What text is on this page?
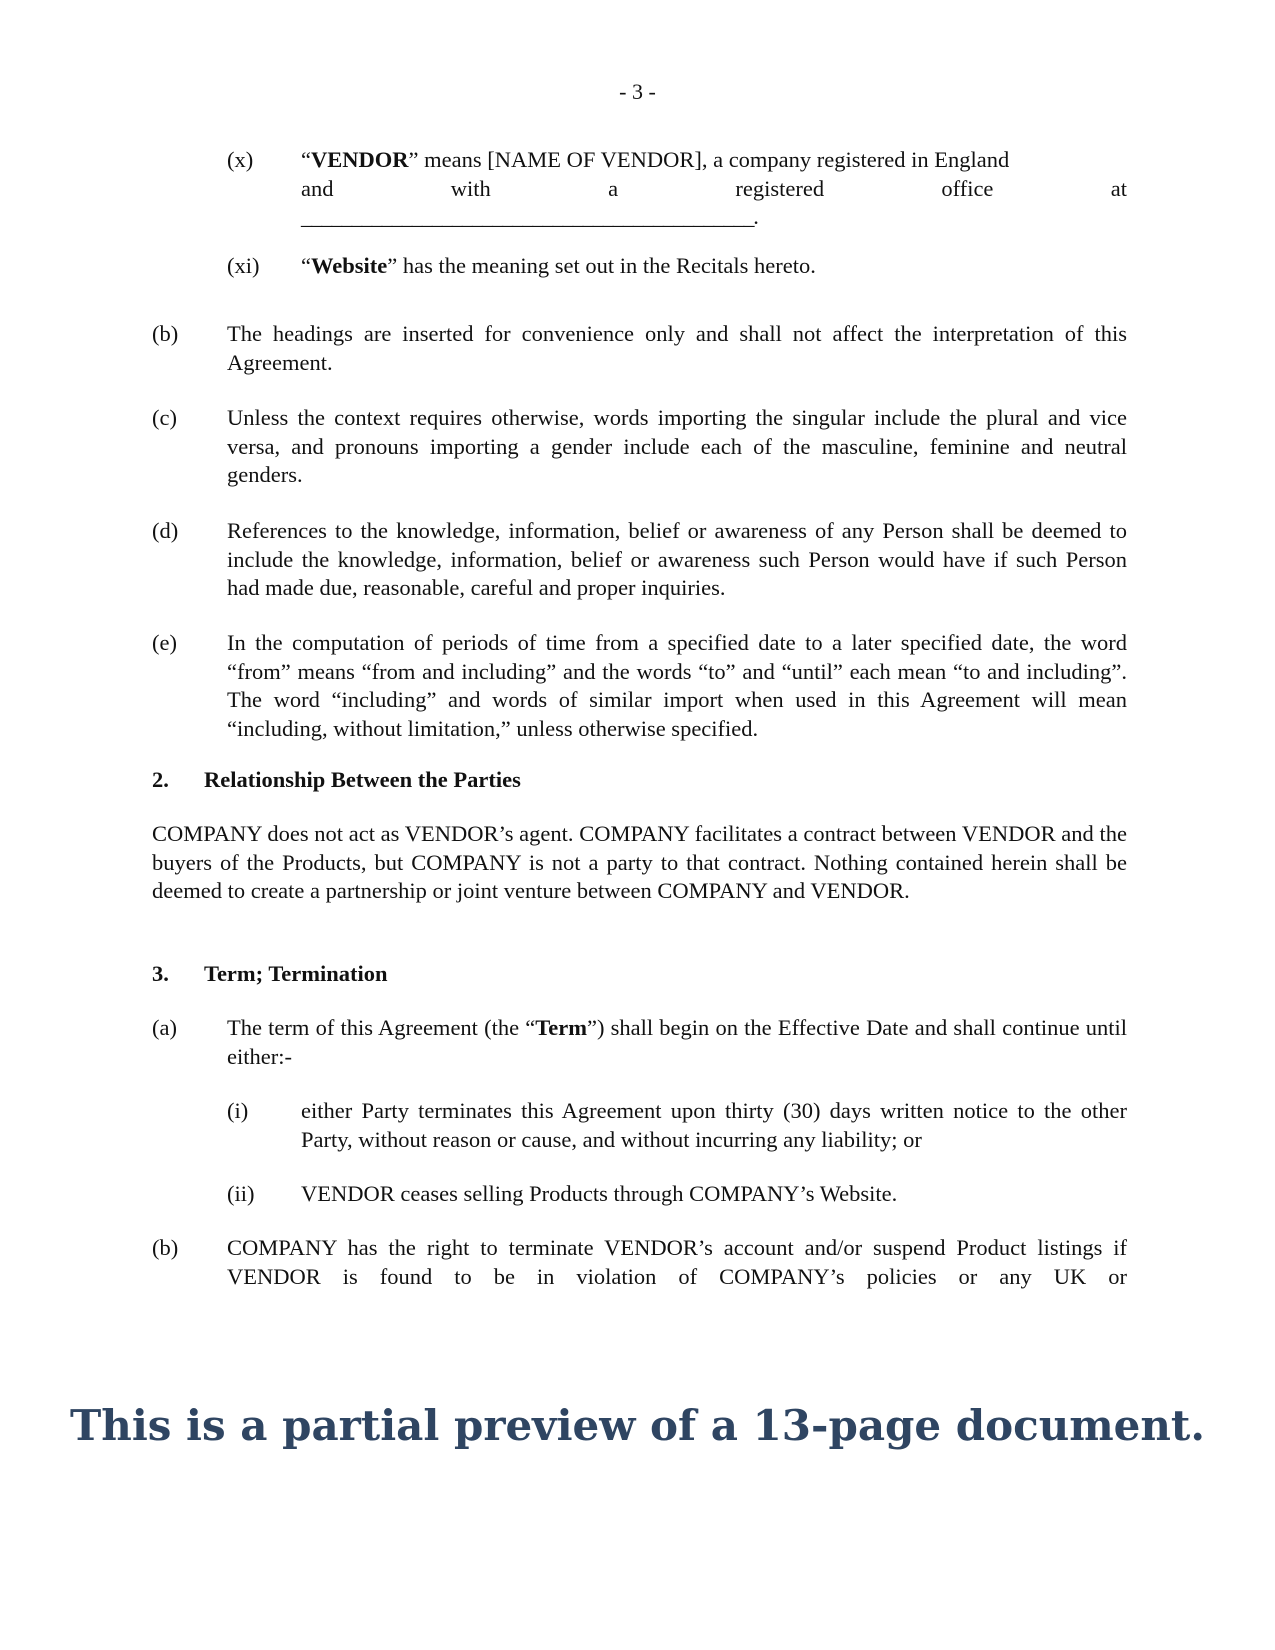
- 3 -
(x) “VENDOR” means [NAME OF VENDOR], a company registered in England
and	with	a	registered	office	at
_____________________________________________.
(xi) “Website” has the meaning set out in the Recitals hereto.
(b) The headings are inserted for convenience only and shall not affect the interpretation of this Agreement.
(c) Unless the context requires otherwise, words importing the singular include the plural and vice versa, and pronouns importing a gender include each of the masculine, feminine and neutral genders.
(d) References to the knowledge, information, belief or awareness of any Person shall be deemed to include the knowledge, information, belief or awareness such Person would have if such Person had made due, reasonable, careful and proper inquiries.
(e) In the computation of periods of time from a specified date to a later specified date, the word “from” means “from and including” and the words “to” and “until” each mean “to and including”. The word “including” and words of similar import when used in this Agreement will mean “including, without limitation,” unless otherwise specified.
2. Relationship Between the Parties
COMPANY does not act as VENDOR’s agent. COMPANY facilitates a contract between VENDOR and the buyers of the Products, but COMPANY is not a party to that contract. Nothing contained herein shall be deemed to create a partnership or joint venture between COMPANY and VENDOR.
3. Term; Termination
(a) The term of this Agreement (the “Term”) shall begin on the Effective Date and shall continue until either:-
(i) either Party terminates this Agreement upon thirty (30) days written notice to the other Party, without reason or cause, and without incurring any liability; or
(ii) VENDOR ceases selling Products through COMPANY’s Website.
(b) COMPANY has the right to terminate VENDOR’s account and/or suspend Product listings if VENDOR is found to be in violation of COMPANY’s policies or any UK or
This is a partial preview of a 13-page document.
